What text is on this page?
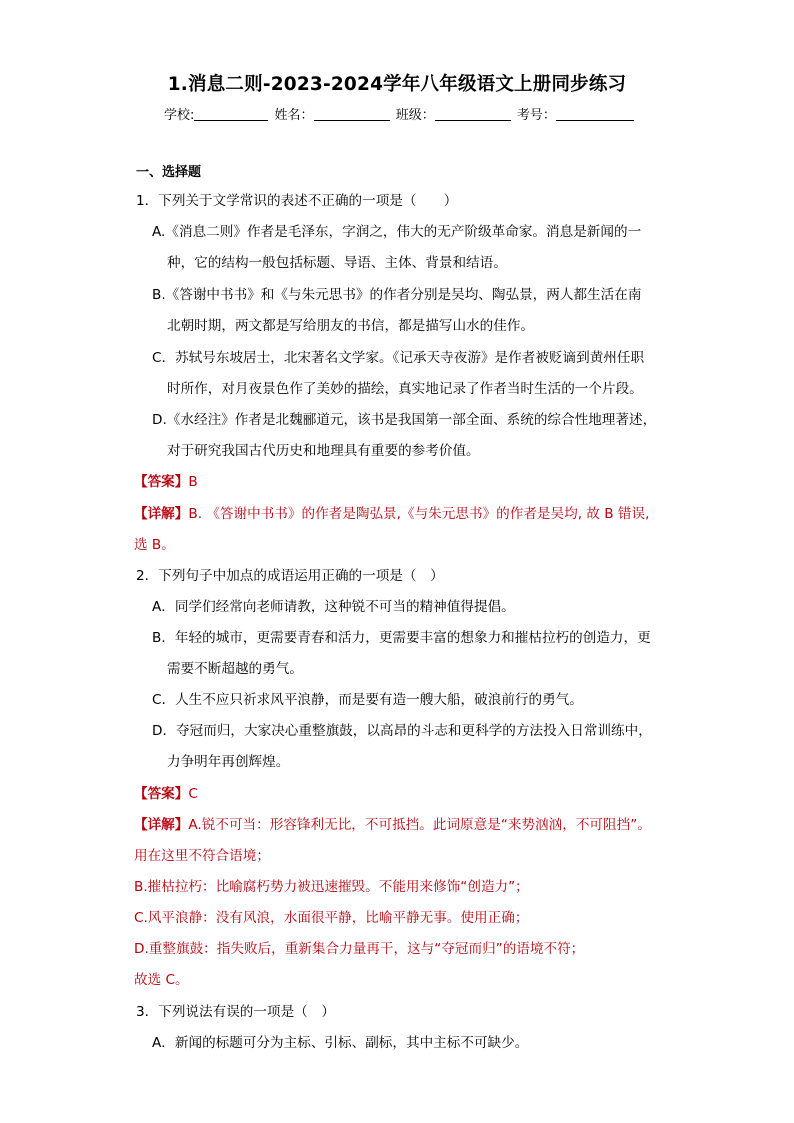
1.消息二则-2023-2024学年八年级语文上册同步练习
学校:	姓名：	班级：	考号：
一、选择题
1．下列关于文学常识的表述不正确的一项是（　　）
A.《消息二则》作者是毛泽东，字润之，伟大的无产阶级革命家。消息是新闻的一
种，它的结构一般包括标题、导语、主体、背景和结语。
B.《答谢中书书》和《与朱元思书》的作者分别是吴均、陶弘景，两人都生活在南
北朝时期，两文都是写给朋友的书信，都是描写山水的佳作。
C．苏轼号东坡居士，北宋著名文学家。《记承天寺夜游》是作者被贬谪到黄州任职
时所作，对月夜景色作了美妙的描绘，真实地记录了作者当时生活的一个片段。
D.《水经注》作者是北魏郦道元，该书是我国第一部全面、系统的综合性地理著述，
对于研究我国古代历史和地理具有重要的参考价值。
【答案】B
【详解】B. 《答谢中书书》的作者是陶弘景,《与朱元思书》的作者是吴均, 故 B 错误,
选 B。
2．下列句子中加点的成语运用正确的一项是（　）
A．同学们经常向老师请教，这种锐不可当的精神值得提倡。
B．年轻的城市，更需要青春和活力，更需要丰富的想象力和摧枯拉朽的创造力，更
需要不断超越的勇气。
C．人生不应只祈求风平浪静，而是要有造一艘大船，破浪前行的勇气。
D．夺冠而归，大家决心重整旗鼓，以高昂的斗志和更科学的方法投入日常训练中，
力争明年再创辉煌。
【答案】C
【详解】A.锐不可当：形容锋利无比，不可抵挡。此词原意是“来势汹汹，不可阻挡”。
用在这里不符合语境；
B.摧枯拉朽：比喻腐朽势力被迅速摧毁。不能用来修饰“创造力”；
C.风平浪静：没有风浪，水面很平静，比喻平静无事。使用正确；
D.重整旗鼓：指失败后，重新集合力量再干，这与“夺冠而归”的语境不符；
故选 C。
3．下列说法有误的一项是（　）
A．新闻的标题可分为主标、引标、副标，其中主标不可缺少。
